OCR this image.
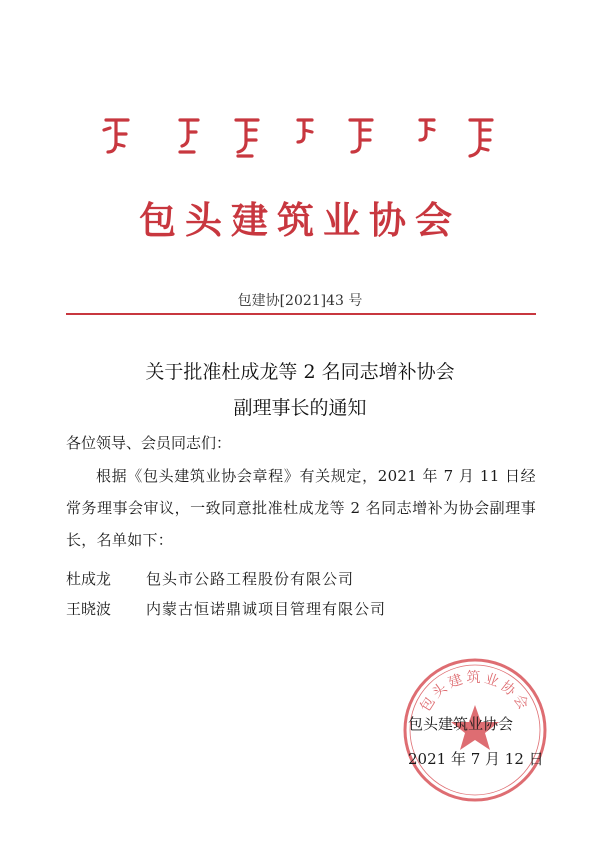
包头建筑业协会
包建协[2021]43 号
关于批准杜成龙等 2 名同志增补协会
副理事长的通知
各位领导、会员同志们：
根据《包头建筑业协会章程》有关规定，2021 年 7 月 11 日经常务理事会审议，一致同意批准杜成龙等 2 名同志增补为协会副理事长，名单如下：
杜成龙	包头市公路工程股份有限公司
王晓波	内蒙古恒诺鼎诚项目管理有限公司
包头建筑业协会
包头建筑业协会
2021 年 7 月 12 日
